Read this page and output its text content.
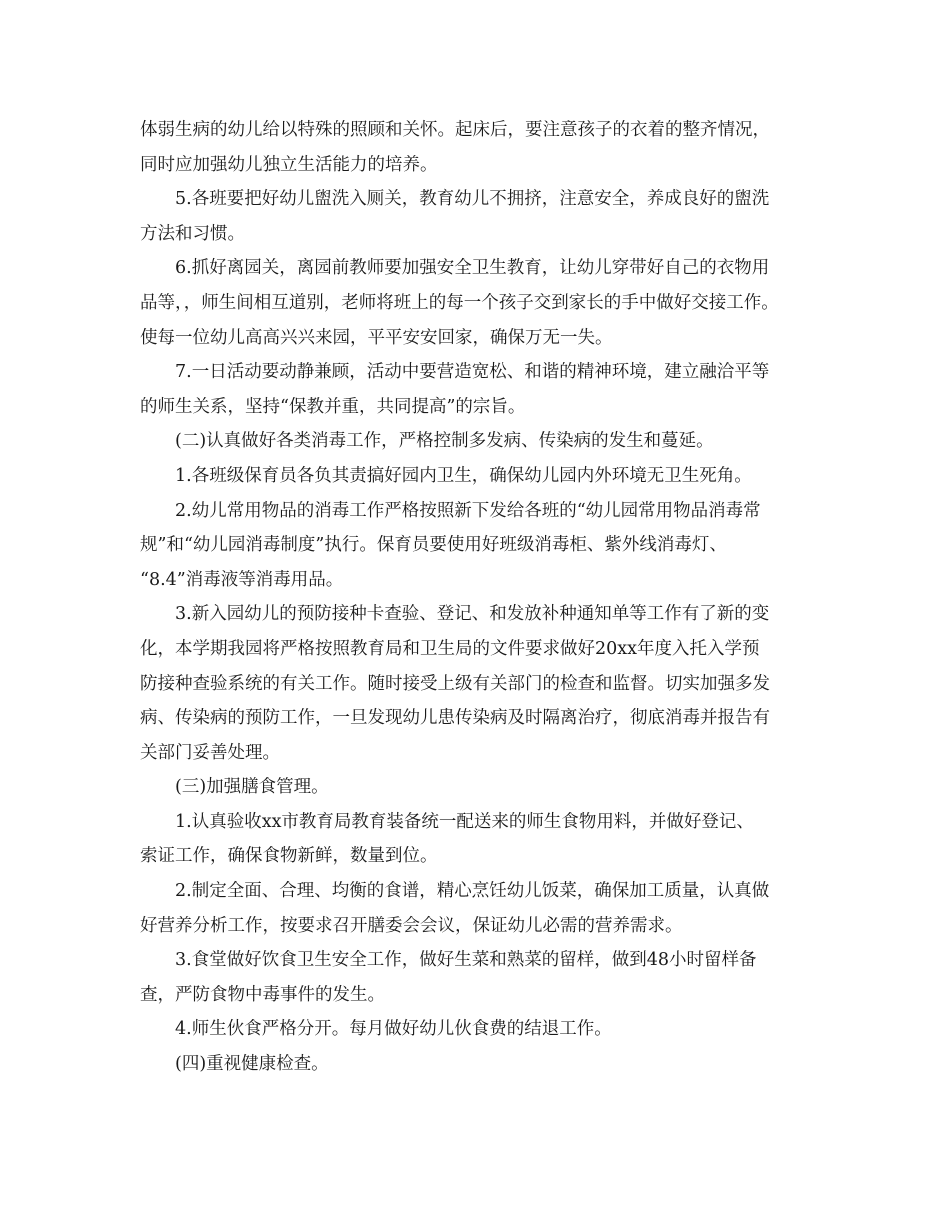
体弱生病的幼儿给以特殊的照顾和关怀。起床后，要注意孩子的衣着的整齐情况，
同时应加强幼儿独立生活能力的培养。
5.各班要把好幼儿盥洗入厕关，教育幼儿不拥挤，注意安全，养成良好的盥洗
方法和习惯。
6.抓好离园关，离园前教师要加强安全卫生教育，让幼儿穿带好自己的衣物用
品等，，师生间相互道别，老师将班上的每一个孩子交到家长的手中做好交接工作。
使每一位幼儿高高兴兴来园，平平安安回家，确保万无一失。
7.一日活动要动静兼顾，活动中要营造宽松、和谐的精神环境，建立融洽平等
的师生关系，坚持“保教并重，共同提高”的宗旨。
(二)认真做好各类消毒工作，严格控制多发病、传染病的发生和蔓延。
1.各班级保育员各负其责搞好园内卫生，确保幼儿园内外环境无卫生死角。
2.幼儿常用物品的消毒工作严格按照新下发给各班的“幼儿园常用物品消毒常
规”和“幼儿园消毒制度”执行。保育员要使用好班级消毒柜、紫外线消毒灯、
“8.4”消毒液等消毒用品。
3.新入园幼儿的预防接种卡查验、登记、和发放补种通知单等工作有了新的变
化，本学期我园将严格按照教育局和卫生局的文件要求做好20xx年度入托入学预
防接种查验系统的有关工作。随时接受上级有关部门的检查和监督。切实加强多发
病、传染病的预防工作，一旦发现幼儿患传染病及时隔离治疗，彻底消毒并报告有
关部门妥善处理。
(三)加强膳食管理。
1.认真验收xx市教育局教育装备统一配送来的师生食物用料，并做好登记、
索证工作，确保食物新鲜，数量到位。
2.制定全面、合理、均衡的食谱，精心烹饪幼儿饭菜，确保加工质量，认真做
好营养分析工作，按要求召开膳委会会议，保证幼儿必需的营养需求。
3.食堂做好饮食卫生安全工作，做好生菜和熟菜的留样，做到48小时留样备
查，严防食物中毒事件的发生。
4.师生伙食严格分开。每月做好幼儿伙食费的结退工作。
(四)重视健康检查。
